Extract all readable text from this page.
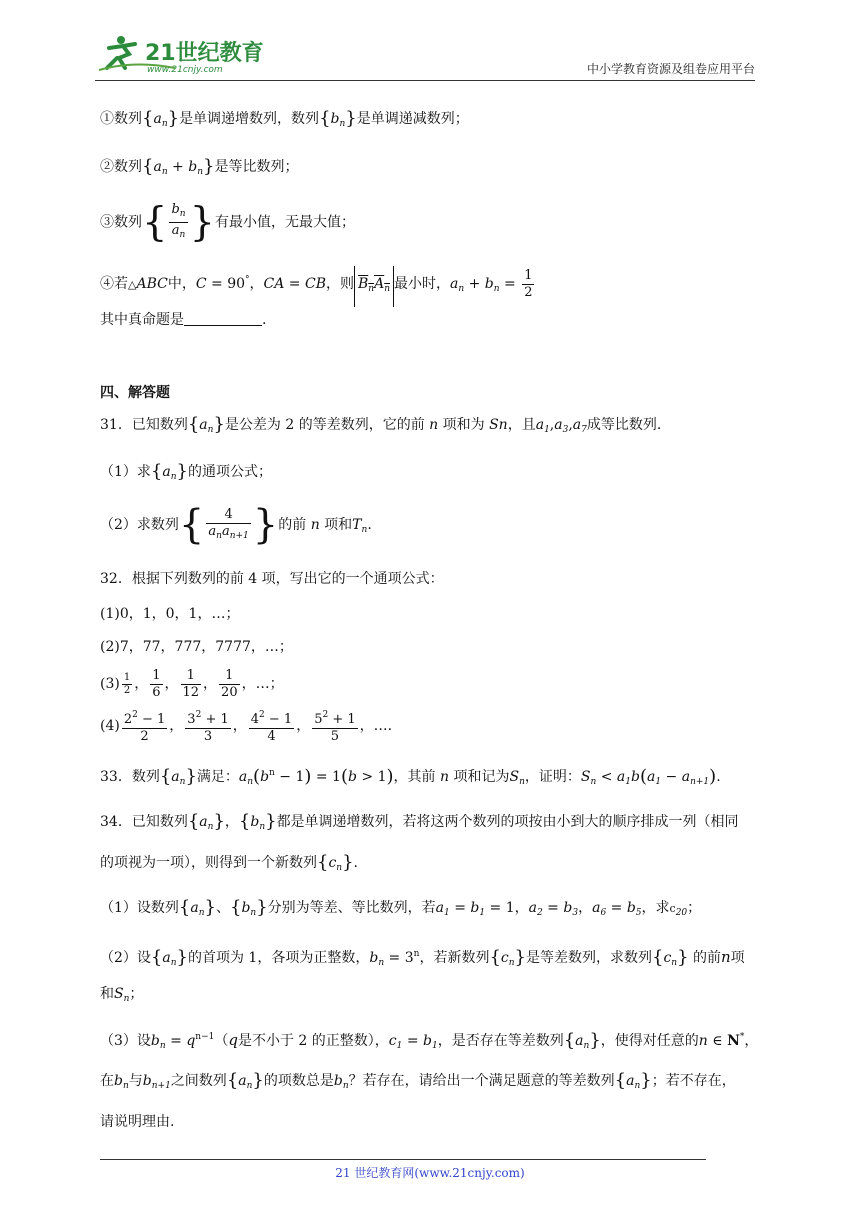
21世纪教育
www.21cnjy.com	中小学教育资源及组卷应用平台
①数列$\{a_n\}$是单调递增数列，数列$\{b_n\}$是单调递减数列；
②数列$\{a_n + b_n\}$是等比数列；
③数列{ $\frac{b_n}{a_n}$ }有最小值，无最大值；
④若△ABC中，C = 90°，CA = CB，则 $B_nA_n$ 最小时，$a_n + b_n = \frac{1}{2}$
其中真命题是	.
四、解答题
31．已知数列$\{a_n\}$是公差为 2 的等差数列，它的前 n 项和为 Sn，且$a_1,a_3,a_7$成等比数列.
（1）求$\{a_n\}$的通项公式；
（2）求数列{ $\frac{4}{a_na_{n+1}}$ }的前 n 项和$T_n$.
32．根据下列数列的前 4 项，写出它的一个通项公式：
(1)0，1，0，1，…；
(2)7，77，777，7777，…；
$(3) \frac{1}{2}$ ， $\frac{1}{6}$ ， $\frac{1}{12}$ ， $\frac{1}{20}$ ，…；
$(4) \frac{2^2 - 1}{2}$ ， $\frac{3^2 + 1}{3}$ ， $\frac{4^2 - 1}{4}$ ， $\frac{5^2 + 1}{5}$ ，….
33．数列$\{a_n\}$满足：$a_n(b^n - 1) = 1(b > 1)$，其前 n 项和记为$S_n$，证明：$S_n < a_1b(a_1 - a_{n+1})$.
34．已知数列$\{a_n\}$，$\{b_n\}$都是单调递增数列，若将这两个数列的项按由小到大的顺序排成一列（相同
的项视为一项），则得到一个新数列$\{c_n\}$.
（1）设数列$\{a_n\}$、$\{b_n\}$分别为等差、等比数列，若$a_1 = b_1 = 1$，$a_2 = b_3$，$a_6 = b_5$，求$c_{20}$；
（2）设$\{a_n\}$的首项为 1，各项为正整数，$b_n = 3^n$，若新数列$\{c_n\}$是等差数列，求数列$\{c_n\}$ 的前n项
和$S_n$；
（3）设$b_n = q^{n-1}(q$是不小于 2 的正整数），$c_1 = b_1$，是否存在等差数列$\{a_n\}$，使得对任意的n ∈ N*，
在$b_n$与$b_{n+1}$之间数列$\{a_n\}$的项数总是$b_n$？若存在，请给出一个满足题意的等差数列$\{a_n\}$；若不存在，
请说明理由.
21 世纪教育网(www.21cnjy.com)
